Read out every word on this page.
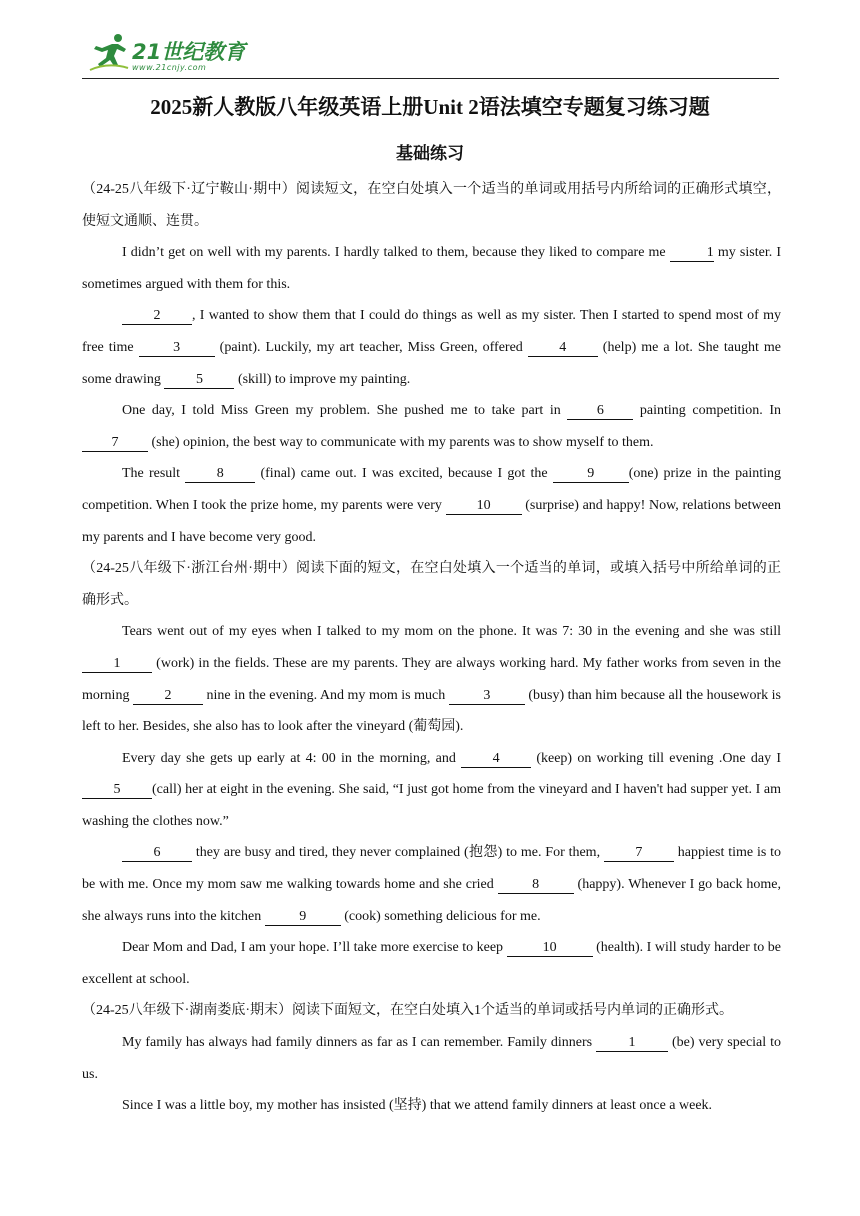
21世纪教育
www.21cnjy.com
2025新人教版八年级英语上册Unit 2语法填空专题复习练习题
基础练习

（24-25八年级下·辽宁鞍山·期中）阅读短文，在空白处填入一个适当的单词或用括号内所给词的正确形式填空，使短文通顺、连贯。

I didn’t get on well with my parents. I hardly talked to them, because they liked to compare me	1 my sister. I sometimes argued with them for this.

2 , I wanted to show them that I could do things as well as my sister. Then I started to spend most of my free time 3 (paint). Luckily, my art teacher, Miss Green, offered 4 (help) me a lot. She taught me some drawing 5 (skill) to improve my painting.

One day, I told Miss Green my problem. She pushed me to take part in 6 painting competition. In 7 (she) opinion, the best way to communicate with my parents was to show myself to them.

The result 8 (final) came out. I was excited, because I got the 9 (one) prize in the painting competition. When I took the prize home, my parents were very 10 (surprise) and happy! Now, relations between my parents and I have become very good.

（24-25八年级下·浙江台州·期中）阅读下面的短文，在空白处填入一个适当的单词，或填入括号中所给单词的正确形式。

Tears went out of my eyes when I talked to my mom on the phone. It was 7: 30 in the evening and she was still 1 (work) in the fields. These are my parents. They are always working hard. My father works from seven in the morning 2 nine in the evening. And my mom is much 3 (busy) than him because all the housework is left to her. Besides, she also has to look after the vineyard (葡萄园).

Every day she gets up early at 4: 00 in the morning, and 4 (keep) on working till evening .One day I 5 (call) her at eight in the evening. She said, “I just got home from the vineyard and I haven't had supper yet. I am washing the clothes now.”

6 they are busy and tired, they never complained (抱怨) to me. For them, 7 happiest time is to be with me. Once my mom saw me walking towards home and she cried 8 (happy). Whenever I go back home, she always runs into the kitchen 9 (cook) something delicious for me.

Dear Mom and Dad, I am your hope. I’ll take more exercise to keep	10	(health). I will study harder to be excellent at school.

（24-25八年级下·湖南娄底·期末）阅读下面短文，在空白处填入1个适当的单词或括号内单词的正确形式。

My family has always had family dinners as far as I can remember. Family dinners 1 (be) very special to us.

Since I was a little boy, my mother has insisted (坚持) that we attend family dinners at least once a week.
